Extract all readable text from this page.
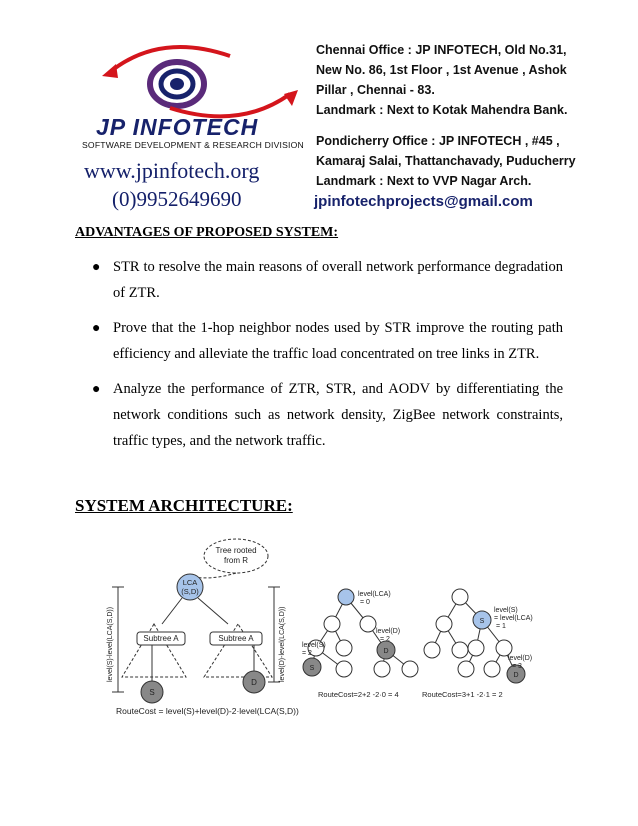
JP INFOTECH
SOFTWARE DEVELOPMENT & RESEARCH DIVISION
www.jpinfotech.org
(0)9952649690
Chennai Office : JP INFOTECH, Old No.31,
New No. 86, 1st Floor , 1st Avenue , Ashok
Pillar , Chennai - 83.
Landmark : Next to Kotak Mahendra Bank.
Pondicherry Office : JP INFOTECH , #45 ,
Kamaraj Salai, Thattanchavady, Puducherry
Landmark : Next to VVP Nagar Arch.
jpinfotechprojects@gmail.com
ADVANTAGES OF PROPOSED SYSTEM:
● STR to resolve the main reasons of overall network performance degradation of ZTR.
● Prove that the 1-hop neighbor nodes used by STR improve the routing path efficiency and alleviate the traffic load concentrated on tree links in ZTR.
● Analyze the performance of ZTR, STR, and AODV by differentiating the network conditions such as network density, ZigBee network constraints, traffic types, and the network traffic.
SYSTEM ARCHITECTURE:
Tree rooted
from R
LCA
(S,D)
Subtree A	Subtree A
S
D
level(S)-level(LCA(S,D))	level(D)-level(LCA(S,D))
RouteCost = level(S)+level(D)-2·level(LCA(S,D))
D
S
level(LCA)
= 0
level(D)
= 2
level(S)
= 2
RouteCost=2+2 -2·0 = 4
S
D
level(S)
= level(LCA)
= 1
level(D)
= 3
RouteCost=3+1 -2·1 = 2
